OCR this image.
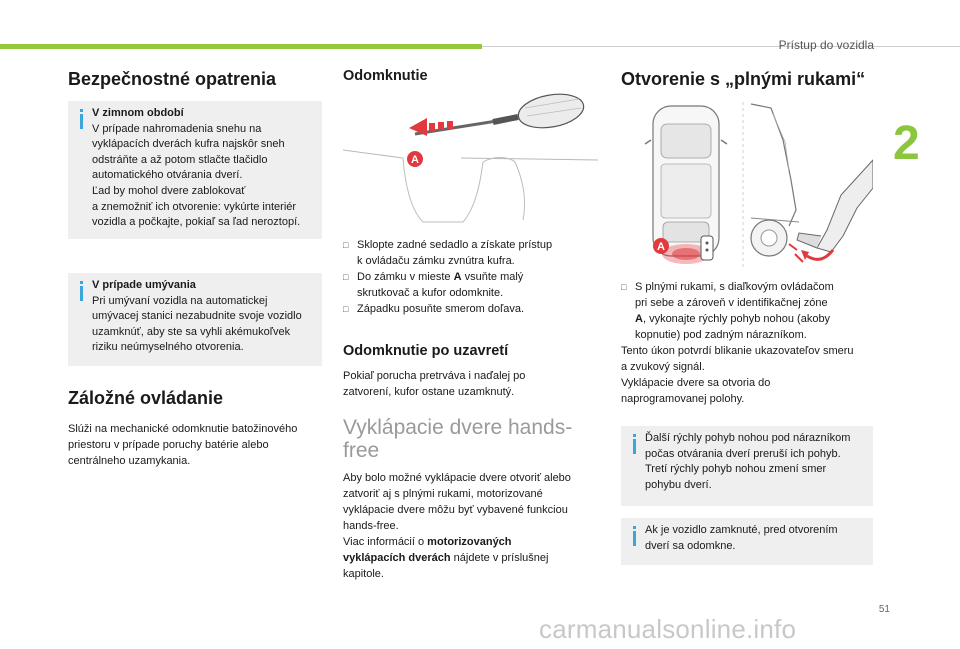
Prístup do vozidla
2
Bezpečnostné opatrenia
V zimnom období
V prípade nahromadenia snehu na
vyklápacích dverách kufra najskôr sneh
odstráňte a až potom stlačte tlačidlo
automatického otvárania dverí.
Ľad by mohol dvere zablokovať
a znemožniť ich otvorenie: vykúrte interiér
vozidla a počkajte, pokiaľ sa ľad neroztopí.
V prípade umývania
Pri umývaní vozidla na automatickej
umývacej stanici nezabudnite svoje vozidlo
uzamknúť, aby ste sa vyhli akémukoľvek
riziku neúmyselného otvorenia.
Záložné ovládanie

Slúži na mechanické odomknutie batožinového

priestoru v prípade poruchy batérie alebo

centrálneho uzamykania.

Odomknutie
A
□ Sklopte zadné sedadlo a získate prístup
k ovládaču zámku zvnútra kufra.
□ Do zámku v mieste A vsuňte malý
skrutkovač a kufor odomknite.
□ Západku posuňte smerom doľava.
Odomknutie po uzavretí

Pokiaľ porucha pretrváva i naďalej po

zatvorení, kufor ostane uzamknutý.

Vyklápacie dvere hands-
free

Aby bolo možné vyklápacie dvere otvoriť alebo

zatvoriť aj s plnými rukami, motorizované

vyklápacie dvere môžu byť vybavené funkciou

hands-free.

Viac informácií o motorizovaných

vyklápacích dverách nájdete v príslušnej

kapitole.

Otvorenie s „plnými rukami“
A
□ S plnými rukami, s diaľkovým ovládačom
pri sebe a zároveň v identifikačnej zóne
A, vykonajte rýchly pohyb nohou (akoby
kopnutie) pod zadným nárazníkom.

Tento úkon potvrdí blikanie ukazovateľov smeru

a zvukový signál.

Vyklápacie dvere sa otvoria do

naprogramovanej polohy.

Ďalší rýchly pohyb nohou pod nárazníkom
počas otvárania dverí preruší ich pohyb.
Tretí rýchly pohyb nohou zmení smer
pohybu dverí.
Ak je vozidlo zamknuté, pred otvorením
dverí sa odomkne.
51
carmanualsonline.info
